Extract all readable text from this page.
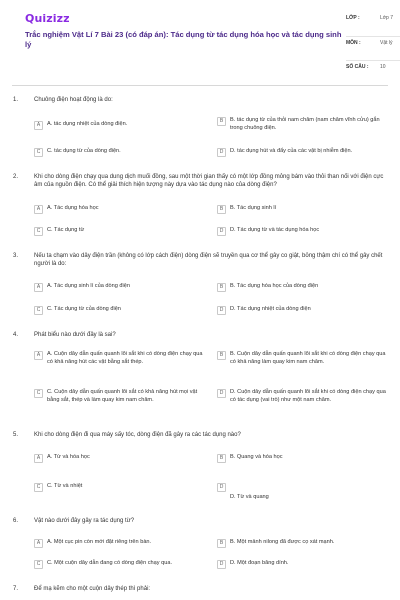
Quizizz
Trắc nghiệm Vật Lí 7 Bài 23 (có đáp án): Tác dụng từ tác dụng hóa học và tác dụng sinh lý
LỚP :	Lớp 7
MÔN :	Vật lý
SỐ CÂU :	10
1.	Chuông điện hoạt động là do:
A	A. tác dụng nhiệt của dòng điện.	B	B. tác dụng từ của thỏi nam châm (nam châm vĩnh cửu) gắn trong chuông điện.
C	C. tác dụng từ của dòng điện.	D	D. tác dụng hút và đẩy của các vật bị nhiễm điện.
2.	Khi cho dòng điện chạy qua dung dịch muối đồng, sau một thời gian thấy có một lớp đồng mỏng bám vào thỏi than nối với điện cực âm của nguồn điện. Có thể giải thích hiện tượng này dựa vào tác dụng nào của dòng điện?
A	A. Tác dụng hóa học	B	B. Tác dụng sinh lí
C	C. Tác dụng từ	D	D. Tác dụng từ và tác dụng hóa học
3.	Nếu ta chạm vào dây điện trần (không có lớp cách điện) dòng điện sẽ truyền qua cơ thể gây co giật, bỏng thậm chí có thể gây chết người là do:
A	A. Tác dụng sinh lí của dòng điện	B	B. Tác dụng hóa học của dòng điện
C	C. Tác dụng từ của dòng điện	D	D. Tác dụng nhiệt của dòng điện
4.	Phát biểu nào dưới đây là sai?
A	A. Cuộn dây dẫn quấn quanh lõi sắt khi có dòng điện chạy qua có khả năng hút các vật bằng sắt thép.
B	B. Cuộn dây dẫn quấn quanh lõi sắt khi có dòng điện chạy qua có khả năng làm quay kim nam châm.
C	C. Cuộn dây dẫn quấn quanh lõi sắt có khả năng hút mọi vật bằng sắt, thép và làm quay kim nam châm.
D	D. Cuộn dây dẫn quấn quanh lõi sắt khi có dòng điện chạy qua có tác dụng (vai trò) như một nam châm.
5.	Khi cho dòng điện đi qua máy sấy tóc, dòng điện đã gây ra các tác dụng nào?
A	A. Từ và hóa học	B	B. Quang và hóa học
C	C. Từ và nhiệt	D
D. Từ và quang
6.	Vật nào dưới đây gây ra tác dụng từ?
A	A. Một cục pin còn mới đặt riêng trên bàn.	B	B. Một mảnh nilong đã được cọ xát mạnh.
C	C. Một cuộn dây dẫn đang có dòng điện chạy qua.	D	D. Một đoạn băng dính.
7.	Để mạ kẽm cho một cuộn dây thép thì phải:
